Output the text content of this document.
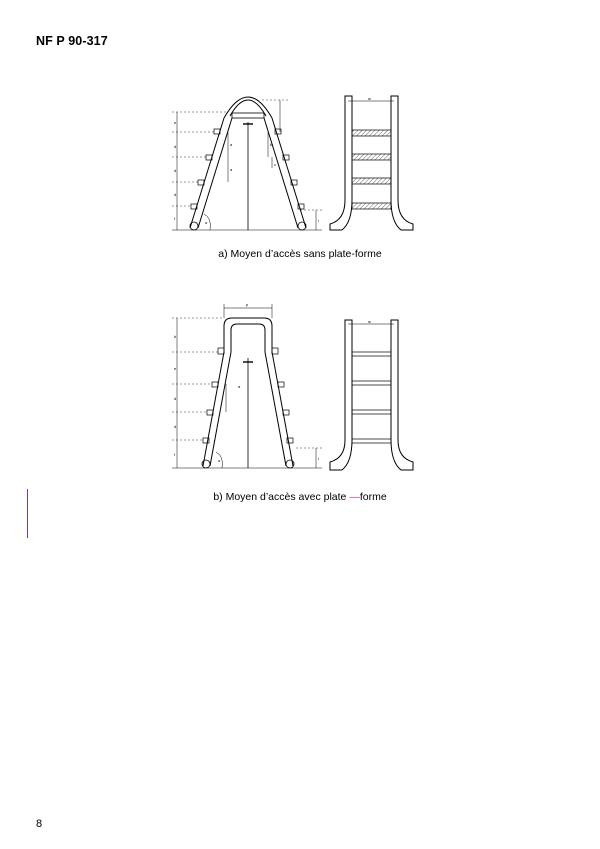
NF P 90-317
e
d
d
d
f
a
a
b
c
α	i
w
h
e
d
d
f
p
a
α	i
w
a) Moyen d’accès sans plate-forme
b) Moyen d’accès avec plate —forme
8
